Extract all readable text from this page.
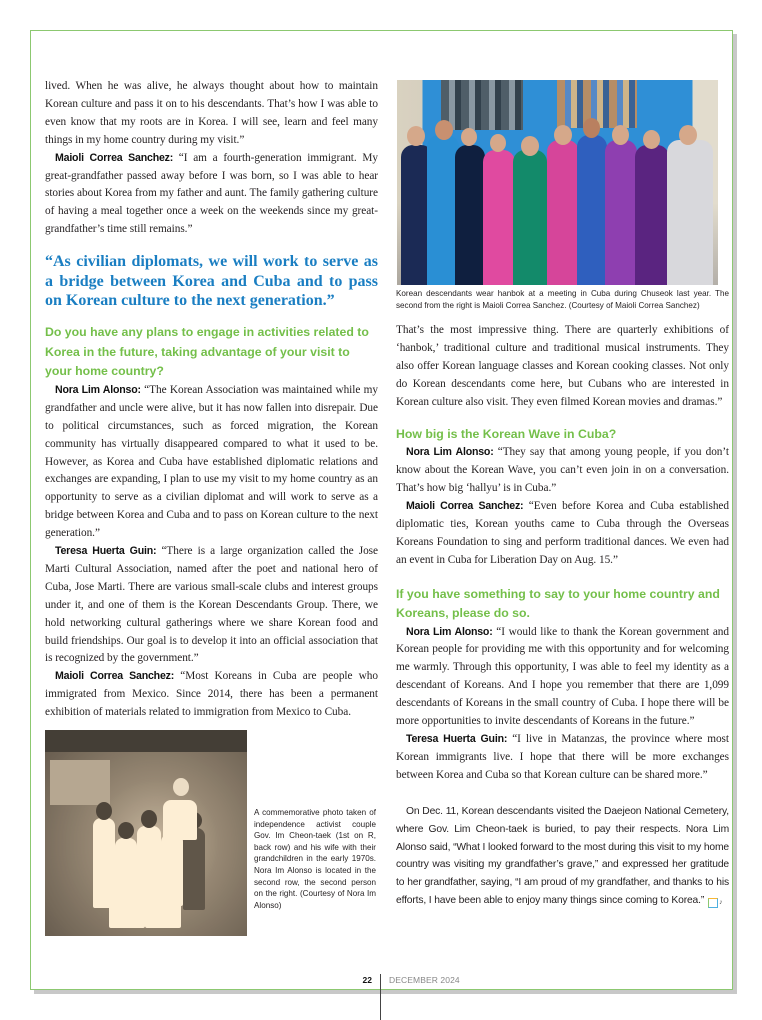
lived. When he was alive, he always thought about how to maintain Korean culture and pass it on to his descendants. That’s how I was able to even know that my roots are in Korea. I will see, learn and feel many things in my home country during my visit.”

Maioli Correa Sanchez: “I am a fourth-generation immigrant. My great-grandfather passed away before I was born, so I was able to hear stories about Korea from my father and aunt. The family gathering culture of having a meal together once a week on the weekends since my great-grandfather’s time still remains.”

“As civilian diplomats, we will work to serve as a bridge between Korea and Cuba and to pass on Korean culture to the next generation.”
Do you have any plans to engage in activities related to Korea in the future, taking advantage of your visit to your home country?

Nora Lim Alonso: “The Korean Association was maintained while my grandfather and uncle were alive, but it has now fallen into disrepair. Due to political circumstances, such as forced migration, the Korean community has virtually disappeared compared to what it used to be. However, as Korea and Cuba have established diplomatic relations and exchanges are expanding, I plan to use my visit to my home country as an opportunity to serve as a civilian diplomat and will work to serve as a bridge between Korea and Cuba and to pass on Korean culture to the next generation.”

Teresa Huerta Guin: “There is a large organization called the Jose Marti Cultural Association, named after the poet and national hero of Cuba, Jose Marti. There are various small-scale clubs and interest groups under it, and one of them is the Korean Descendants Group. There, we hold networking cultural gatherings where we share Korean food and build friendships. Our goal is to develop it into an official association that is recognized by the government.”

Maioli Correa Sanchez: “Most Koreans in Cuba are people who immigrated from Mexico. Since 2014, there has been a permanent exhibition of materials related to immigration from Mexico to Cuba.

A commemorative photo taken of independence activist couple Gov. Im Cheon-taek (1st on R, back row) and his wife with their grandchildren in the early 1970s. Nora Im Alonso is located in the second row, the second person on the right. (Courtesy of Nora Im Alonso)
Korean descendants wear hanbok at a meeting in Cuba during Chuseok last year. The second from the right is Maioli Correa Sanchez. (Courtesy of Maioli Correa Sanchez)

That’s the most impressive thing. There are quarterly exhibitions of ‘hanbok,’ traditional culture and traditional musical instruments. They also offer Korean language classes and Korean cooking classes. Not only do Korean descendants come here, but Cubans who are interested in Korean culture also visit. They even filmed Korean movies and dramas.”

How big is the Korean Wave in Cuba?

Nora Lim Alonso: “They say that among young people, if you don’t know about the Korean Wave, you can’t even join in on a conversation. That’s how big ‘hallyu’ is in Cuba.”

Maioli Correa Sanchez: “Even before Korea and Cuba established diplomatic ties, Korean youths came to Cuba through the Overseas Koreans Foundation to sing and perform traditional dances. We even had an event in Cuba for Liberation Day on Aug. 15.”

If you have something to say to your home country and Koreans, please do so.

Nora Lim Alonso: “I would like to thank the Korean government and Korean people for providing me with this opportunity and for welcoming me warmly. Through this opportunity, I was able to feel my identity as a descendant of Koreans. And I hope you remember that there are 1,099 descendants of Koreans in the small country of Cuba. I hope there will be more opportunities to invite descendants of Koreans in the future.”

Teresa Huerta Guin: “I live in Matanzas, the province where most Korean immigrants live. I hope that there will be more exchanges between Korea and Cuba so that Korean culture can be shared more.”

On Dec. 11, Korean descendants visited the Daejeon National Cemetery, where Gov. Lim Cheon-taek is buried, to pay their respects. Nora Lim Alonso said, “What I looked forward to the most during this visit to my home country was visiting my grandfather’s grave,” and expressed her gratitude to her grandfather, saying, “I am proud of my grandfather, and thanks to his efforts, I have been able to enjoy many things since coming to Korea.” ♪

22 DECEMBER 2024
